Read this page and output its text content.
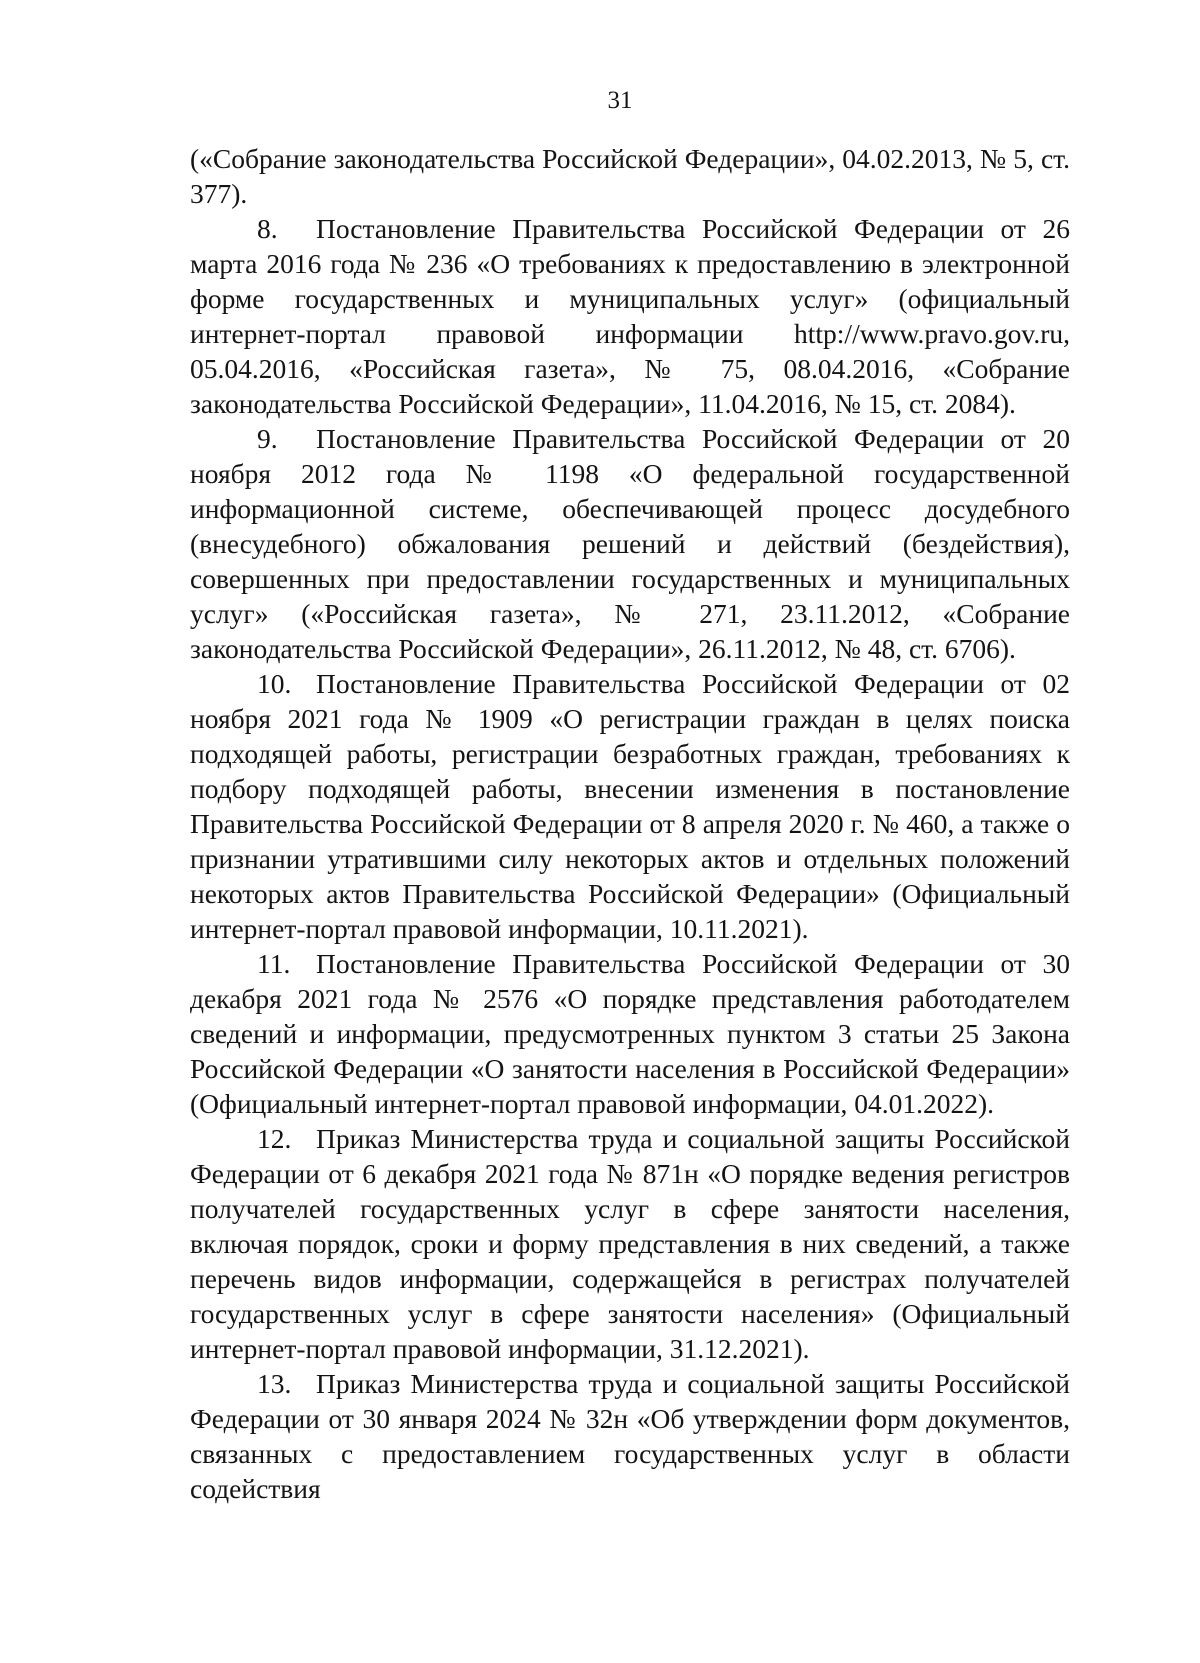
31

(«Собрание законодательства Российской Федерации», 04.02.2013, № 5, ст. 377).

8. Постановление Правительства Российской Федерации от 26 марта 2016 года № 236 «О требованиях к предоставлению в электронной форме государственных и муниципальных услуг» (официальный интернет-портал правовой информации http://www.pravo.gov.ru, 05.04.2016, «Российская газета», № 75, 08.04.2016, «Собрание законодательства Российской Федерации», 11.04.2016, № 15, ст. 2084).

9. Постановление Правительства Российской Федерации от 20 ноября 2012 года № 1198 «О федеральной государственной информационной системе, обеспечивающей процесс досудебного (внесудебного) обжалования решений и действий (бездействия), совершенных при предоставлении государственных и муниципальных услуг» («Российская газета», № 271, 23.11.2012, «Собрание законодательства Российской Федерации», 26.11.2012, № 48, ст. 6706).

10. Постановление Правительства Российской Федерации от 02 ноября 2021 года № 1909 «О регистрации граждан в целях поиска подходящей работы, регистрации безработных граждан, требованиях к подбору подходящей работы, внесении изменения в постановление Правительства Российской Федерации от 8 апреля 2020 г. № 460, а также о признании утратившими силу некоторых актов и отдельных положений некоторых актов Правительства Российской Федерации» (Официальный интернет-портал правовой информации, 10.11.2021).

11. Постановление Правительства Российской Федерации от 30 декабря 2021 года № 2576 «О порядке представления работодателем сведений и информации, предусмотренных пунктом 3 статьи 25 Закона Российской Федерации «О занятости населения в Российской Федерации» (Официальный интернет-портал правовой информации, 04.01.2022).

12. Приказ Министерства труда и социальной защиты Российской Федерации от 6 декабря 2021 года № 871н «О порядке ведения регистров получателей государственных услуг в сфере занятости населения, включая порядок, сроки и форму представления в них сведений, а также перечень видов информации, содержащейся в регистрах получателей государственных услуг в сфере занятости населения» (Официальный интернет-портал правовой информации, 31.12.2021).

13. Приказ Министерства труда и социальной защиты Российской Федерации от 30 января 2024 № 32н «Об утверждении форм документов, связанных с предоставлением государственных услуг в области содействия
